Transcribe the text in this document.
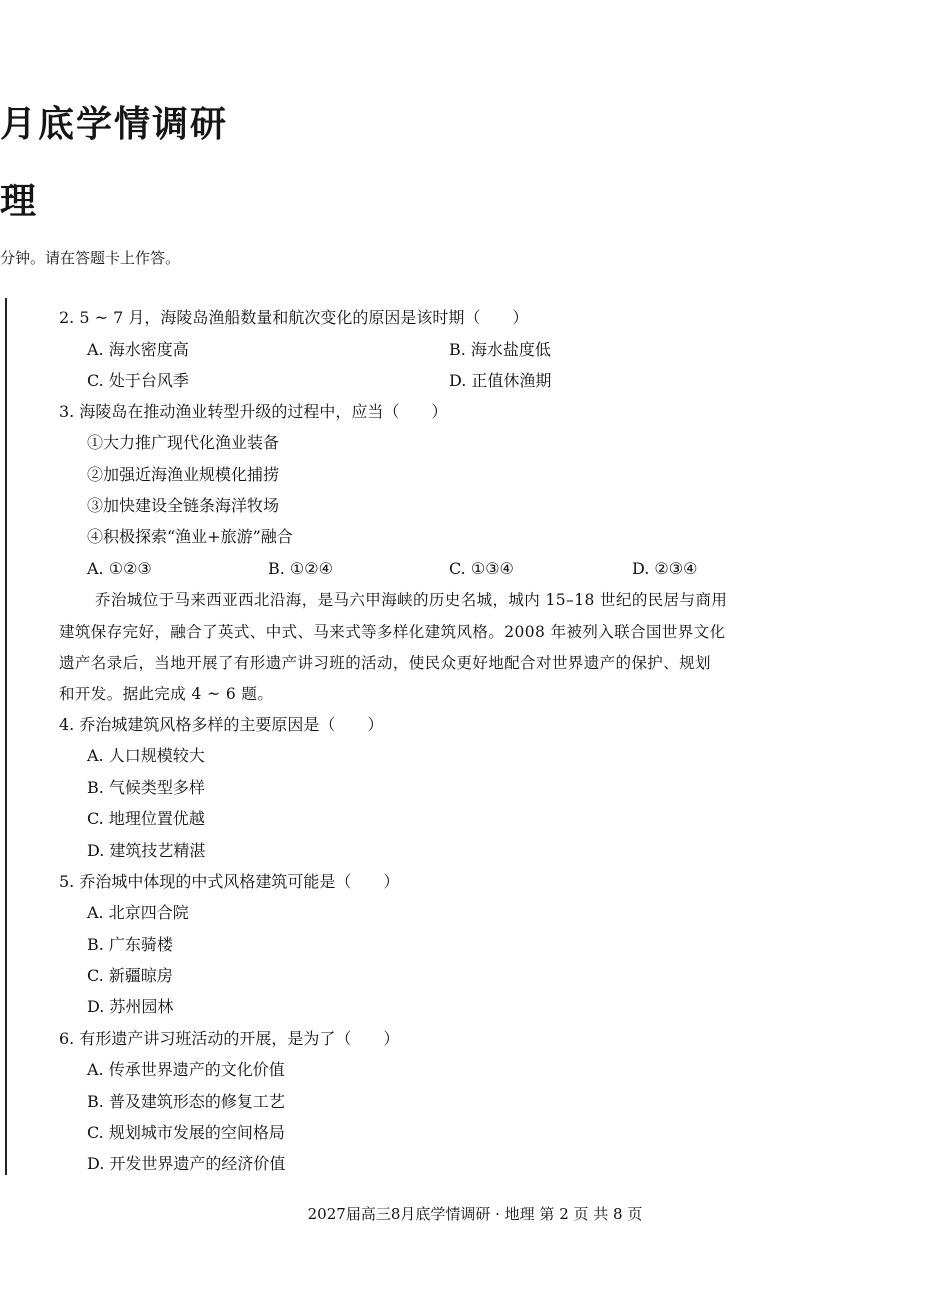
月底学情调研
理
分钟。请在答题卡上作答。
2. 5 ~ 7 月，海陵岛渔船数量和航次变化的原因是该时期（　　）
A. 海水密度高	B. 海水盐度低
C. 处于台风季	D. 正值休渔期
3. 海陵岛在推动渔业转型升级的过程中，应当（　　）
①大力推广现代化渔业装备
②加强近海渔业规模化捕捞
③加快建设全链条海洋牧场
④积极探索“渔业+旅游”融合
A. ①②③	B. ①②④	C. ①③④	D. ②③④
乔治城位于马来西亚西北沿海，是马六甲海峡的历史名城，城内 15–18 世纪的民居与商用
建筑保存完好，融合了英式、中式、马来式等多样化建筑风格。2008 年被列入联合国世界文化
遗产名录后，当地开展了有形遗产讲习班的活动，使民众更好地配合对世界遗产的保护、规划
和开发。据此完成 4 ~ 6 题。
4. 乔治城建筑风格多样的主要原因是（　　）
A. 人口规模较大
B. 气候类型多样
C. 地理位置优越
D. 建筑技艺精湛
5. 乔治城中体现的中式风格建筑可能是（　　）
A. 北京四合院
B. 广东骑楼
C. 新疆晾房
D. 苏州园林
6. 有形遗产讲习班活动的开展，是为了（　　）
A. 传承世界遗产的文化价值
B. 普及建筑形态的修复工艺
C. 规划城市发展的空间格局
D. 开发世界遗产的经济价值
2027届高三8月底学情调研 · 地理 第 2 页 共 8 页
